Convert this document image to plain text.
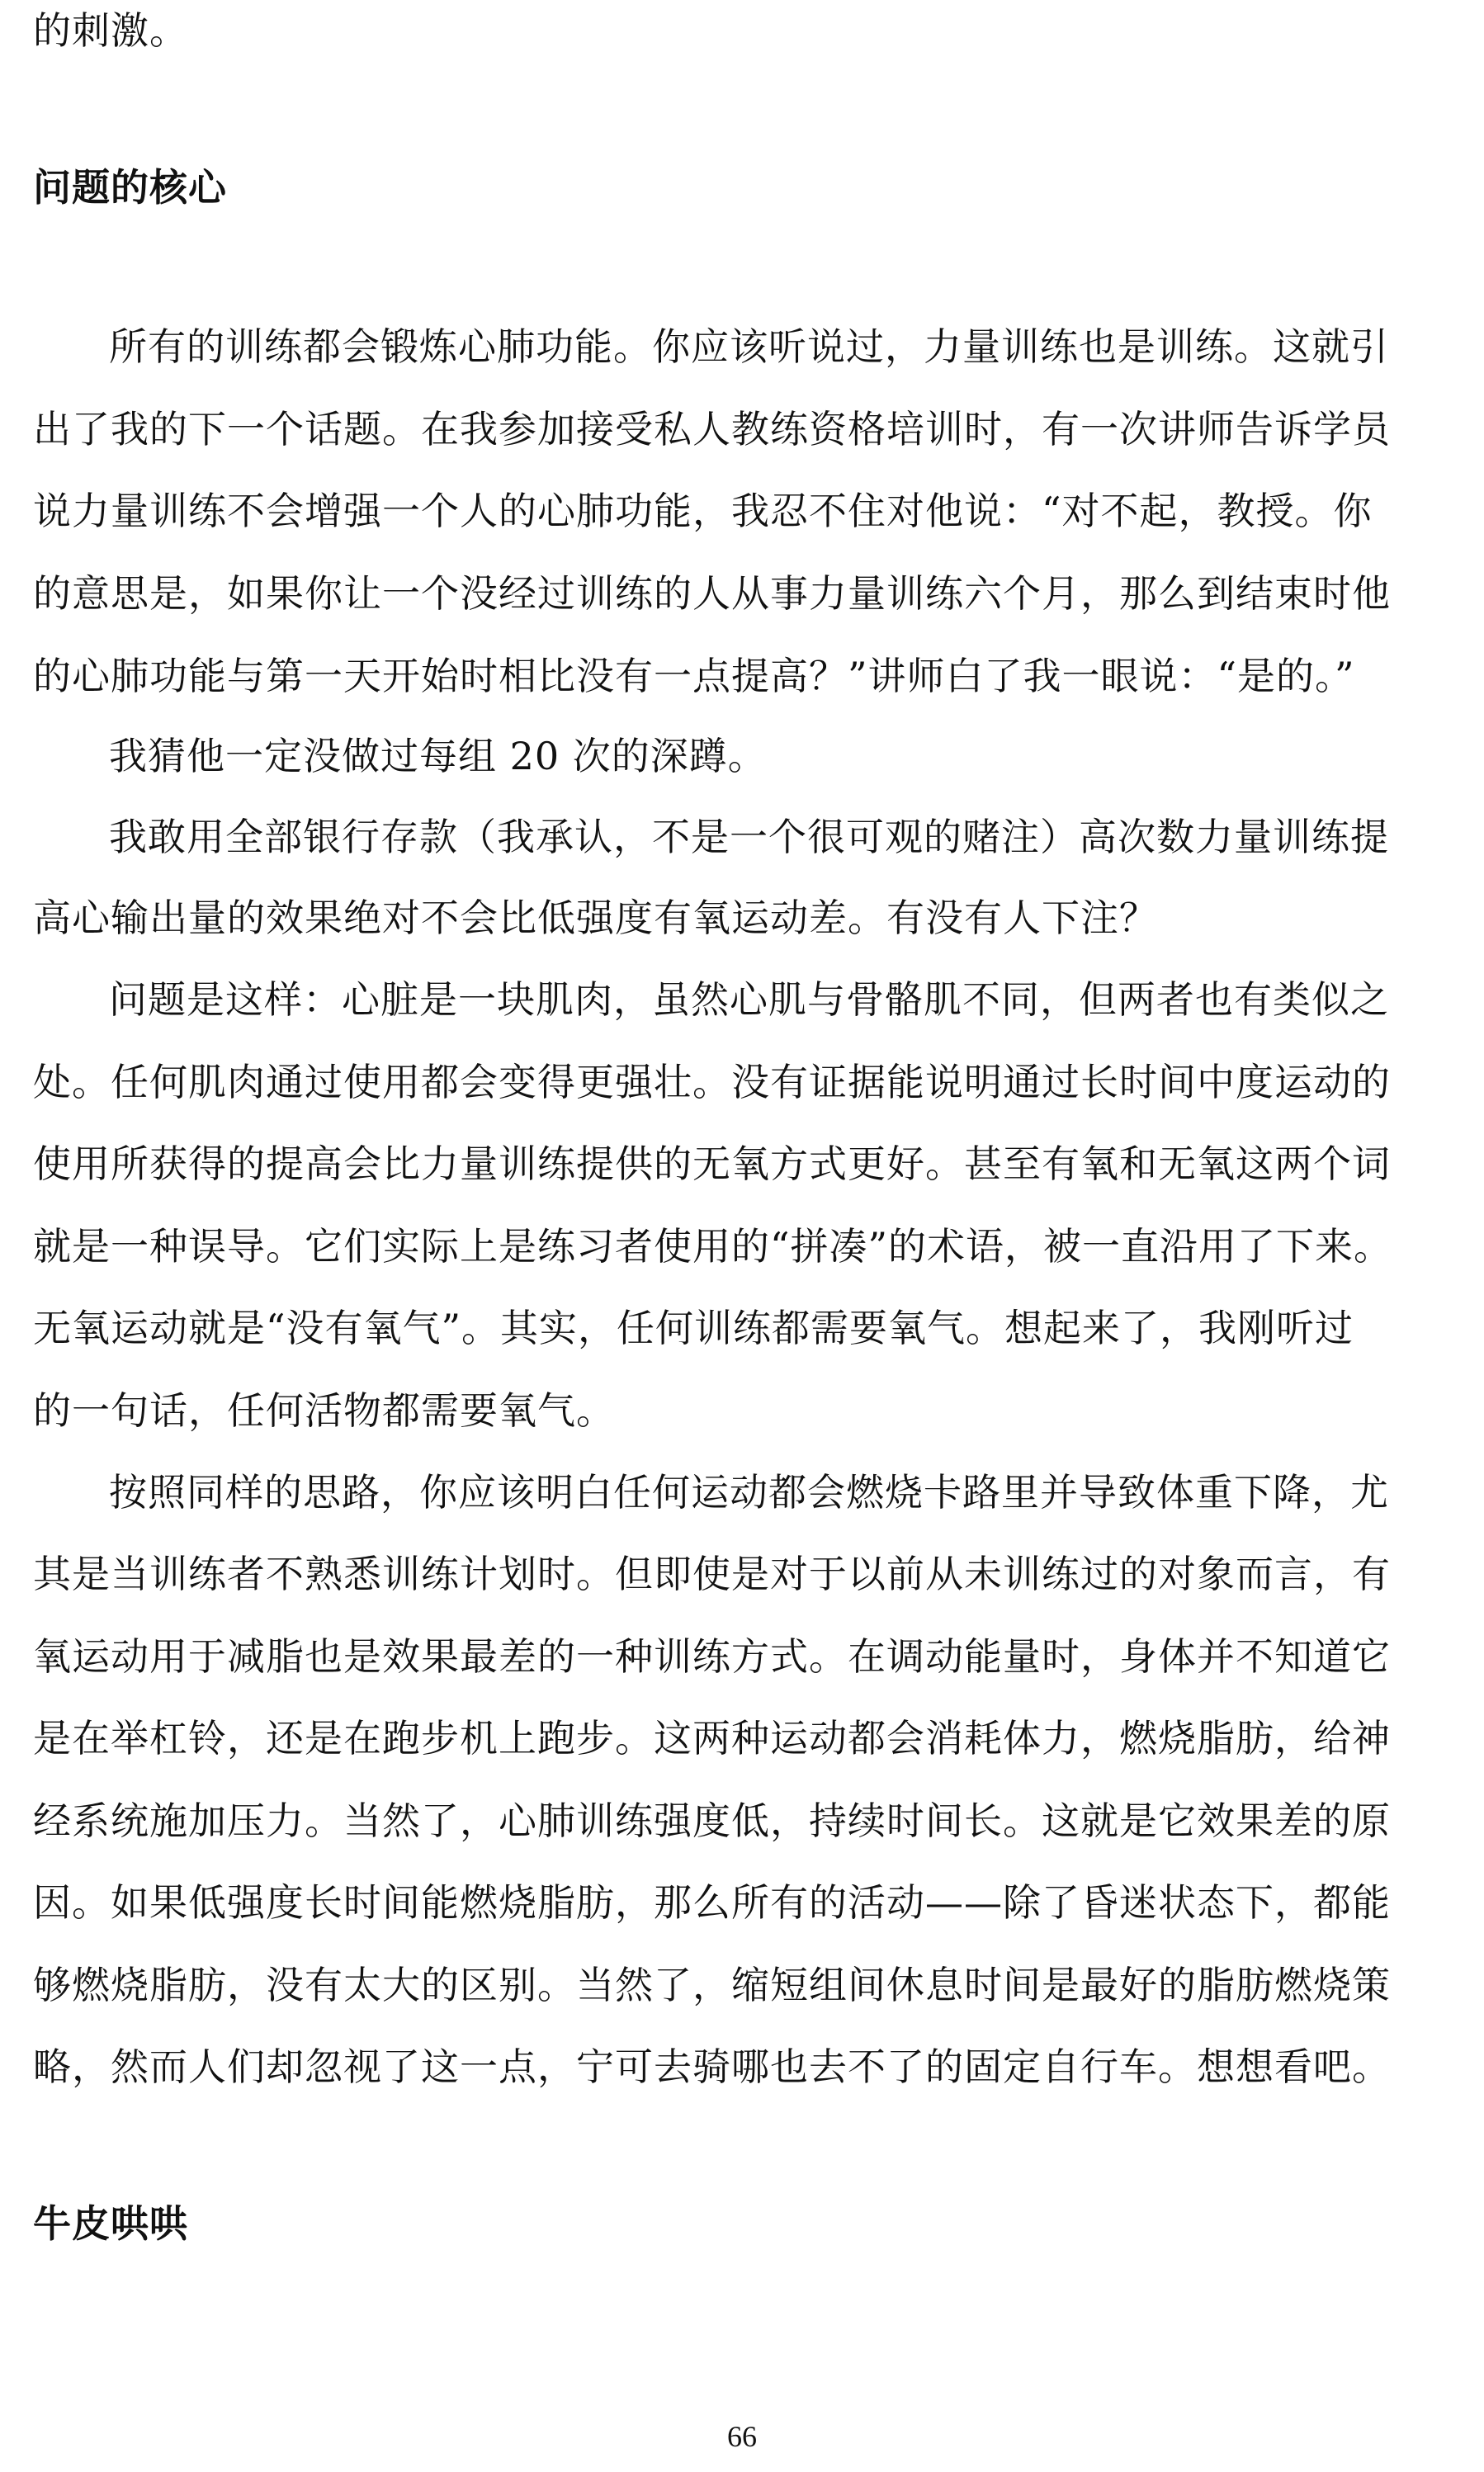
的刺激。
问题的核心
所有的训练都会锻炼心肺功能。你应该听说过，力量训练也是训练。这就引
出了我的下一个话题。在我参加接受私人教练资格培训时，有一次讲师告诉学员
说力量训练不会增强一个人的心肺功能，我忍不住对他说：“对不起，教授。你
的意思是，如果你让一个没经过训练的人从事力量训练六个月，那么到结束时他
的心肺功能与第一天开始时相比没有一点提高？”讲师白了我一眼说：“是的。”
我猜他一定没做过每组 20 次的深蹲。
我敢用全部银行存款（我承认，不是一个很可观的赌注）高次数力量训练提
高心输出量的效果绝对不会比低强度有氧运动差。有没有人下注？
问题是这样：心脏是一块肌肉，虽然心肌与骨骼肌不同，但两者也有类似之
处。任何肌肉通过使用都会变得更强壮。没有证据能说明通过长时间中度运动的
使用所获得的提高会比力量训练提供的无氧方式更好。甚至有氧和无氧这两个词
就是一种误导。它们实际上是练习者使用的“拼凑”的术语，被一直沿用了下来。
无氧运动就是“没有氧气”。其实，任何训练都需要氧气。想起来了，我刚听过
的一句话，任何活物都需要氧气。
按照同样的思路，你应该明白任何运动都会燃烧卡路里并导致体重下降，尤
其是当训练者不熟悉训练计划时。但即使是对于以前从未训练过的对象而言，有
氧运动用于减脂也是效果最差的一种训练方式。在调动能量时，身体并不知道它
是在举杠铃，还是在跑步机上跑步。这两种运动都会消耗体力，燃烧脂肪，给神
经系统施加压力。当然了，心肺训练强度低，持续时间长。这就是它效果差的原
因。如果低强度长时间能燃烧脂肪，那么所有的活动——除了昏迷状态下，都能
够燃烧脂肪，没有太大的区别。当然了，缩短组间休息时间是最好的脂肪燃烧策
略，然而人们却忽视了这一点，宁可去骑哪也去不了的固定自行车。想想看吧。
牛皮哄哄
66
